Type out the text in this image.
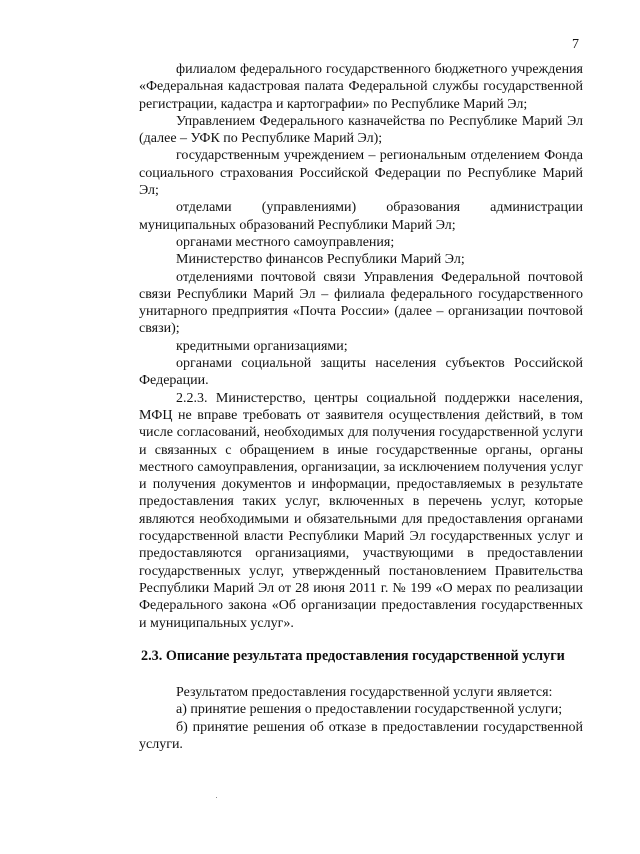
7

филиалом федерального государственного бюджетного учреждения «Федеральная кадастровая палата Федеральной службы государственной регистрации, кадастра и картографии» по Республике Марий Эл;

Управлением Федерального казначейства по Республике Марий Эл (далее – УФК по Республике Марий Эл);

государственным учреждением – региональным отделением Фонда социального страхования Российской Федерации по Республике Марий Эл;

отделами (управлениями) образования администрации муниципальных образований Республики Марий Эл;

органами местного самоуправления;

Министерство финансов Республики Марий Эл;

отделениями почтовой связи Управления Федеральной почтовой связи Республики Марий Эл – филиала федерального государственного унитарного предприятия «Почта России» (далее – организации почтовой связи);

кредитными организациями;

органами социальной защиты населения субъектов Российской Федерации.

2.2.3. Министерство, центры социальной поддержки населения, МФЦ не вправе требовать от заявителя осуществления действий, в том числе согласований, необходимых для получения государственной услуги и связанных с обращением в иные государственные органы, органы местного самоуправления, организации, за исключением получения услуг и получения документов и информации, предоставляемых в результате предоставления таких услуг, включенных в перечень услуг, которые являются необходимыми и обязательными для предоставления органами государственной власти Республики Марий Эл государственных услуг и предоставляются организациями, участвующими в предоставлении государственных услуг, утвержденный постановлением Правительства Республики Марий Эл от 28 июня 2011 г. № 199 «О мерах по реализации Федерального закона «Об организации предоставления государственных и муниципальных услуг».

2.3. Описание результата предоставления государственной услуги

Результатом предоставления государственной услуги является:

а) принятие решения о предоставлении государственной услуги;

б) принятие решения об отказе в предоставлении государственной услуги.
